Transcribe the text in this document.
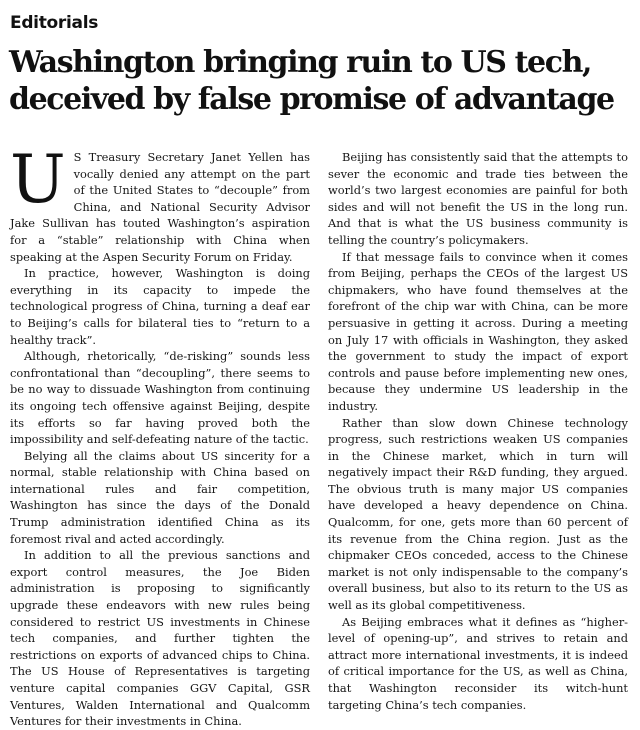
Editorials
Washington bringing ruin to US tech,
deceived by false promise of advantage

U S Treasury Secretary Janet Yellen has vocally denied any attempt on the part of the United States to “decouple” from China, and National Security Advisor Jake Sullivan has touted Washington’s aspiration for a “stable” relationship with China when speaking at the Aspen Security Forum on Friday.

In practice, however, Washington is doing everything in its capacity to impede the technological progress of China, turning a deaf ear to Beijing’s calls for bilateral ties to “return to a healthy track”.

Although, rhetorically, “de-risking” sounds less confrontational than “decoupling”, there seems to be no way to dissuade Washington from continuing its ongoing tech offensive against Beijing, despite its efforts so far having proved both the impossibility and self-defeating nature of the tactic.

Belying all the claims about US sincerity for a normal, stable relationship with China based on international rules and fair competition, Washington has since the days of the Donald Trump administration identified China as its foremost rival and acted accordingly.

In addition to all the previous sanctions and export control measures, the Joe Biden administration is proposing to significantly upgrade these endeavors with new rules being considered to restrict US investments in Chinese tech companies, and further tighten the restrictions on exports of advanced chips to China. The US House of Representatives is targeting venture capital companies GGV Capital, GSR Ventures, Walden International and Qualcomm Ventures for their investments in China.

Beijing has consistently said that the attempts to sever the economic and trade ties between the world’s two largest economies are painful for both sides and will not benefit the US in the long run. And that is what the US business community is telling the country’s policymakers.

If that message fails to convince when it comes from Beijing, perhaps the CEOs of the largest US chipmakers, who have found themselves at the forefront of the chip war with China, can be more persuasive in getting it across. During a meeting on July 17 with officials in Washington, they asked the government to study the impact of export controls and pause before implementing new ones, because they undermine US leadership in the industry.

Rather than slow down Chinese technology progress, such restrictions weaken US companies in the Chinese market, which in turn will negatively impact their R&D funding, they argued. The obvious truth is many major US companies have developed a heavy dependence on China. Qualcomm, for one, gets more than 60 percent of its revenue from the China region. Just as the chipmaker CEOs conceded, access to the Chinese market is not only indispensable to the company’s overall business, but also to its return to the US as well as its global competitiveness.

As Beijing embraces what it defines as “higher-level of opening-up”, and strives to retain and attract more international investments, it is indeed of critical importance for the US, as well as China, that Washington reconsider its witch-hunt targeting China’s tech companies.
